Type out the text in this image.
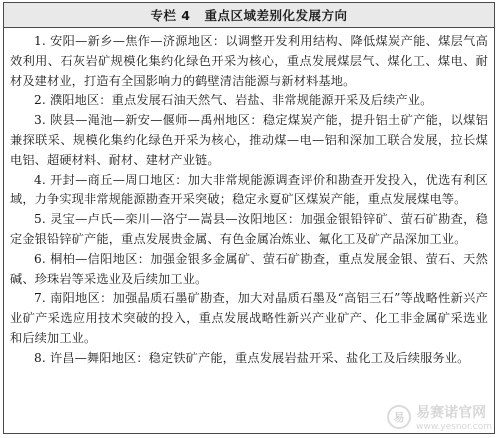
专栏 4 重点区域差别化发展方向

1. 安阳—新乡—焦作—济源地区：以调整开发利用结构、降低煤炭产能、煤层气高效利用、石灰岩矿规模化集约化绿色开采为核心，重点发展煤层气、煤化工、煤电、耐材及建材业，打造有全国影响力的鹤壁清洁能源与新材料基地。

2. 濮阳地区：重点发展石油天然气、岩盐、非常规能源开采及后续产业。

3. 陕县—渑池—新安—偃师—禹州地区：稳定煤炭产能，提升铝土矿产能，以煤铝兼探联采、规模化集约化绿色开采为核心，推动煤—电—铝和深加工联合发展，拉长煤电铝、超硬材料、耐材、建材产业链。

4. 开封—商丘—周口地区：加大非常规能源调查评价和勘查开发投入，优选有利区域，力争实现非常规能源勘查开采突破；稳定永夏矿区煤炭产能，重点发展煤电等。

5. 灵宝—卢氏—栾川—洛宁—嵩县—汝阳地区：加强金银铅锌矿、萤石矿勘查，稳定金银铅锌矿产能，重点发展贵金属、有色金属冶炼业、氟化工及矿产品深加工业。

6. 桐柏—信阳地区：加强金银多金属矿、萤石矿勘查，重点发展金银、萤石、天然碱、珍珠岩等采选业及后续加工业。

7. 南阳地区：加强晶质石墨矿勘查，加大对晶质石墨及“高铝三石”等战略性新兴产业矿产采选应用技术突破的投入，重点发展战略性新兴产业矿产、化工非金属矿采选业和后续加工业。

8. 许昌—舞阳地区：稳定铁矿产能，重点发展岩盐开采、盐化工及后续服务业。

易 易赛诺官网
www.yesnor.com
